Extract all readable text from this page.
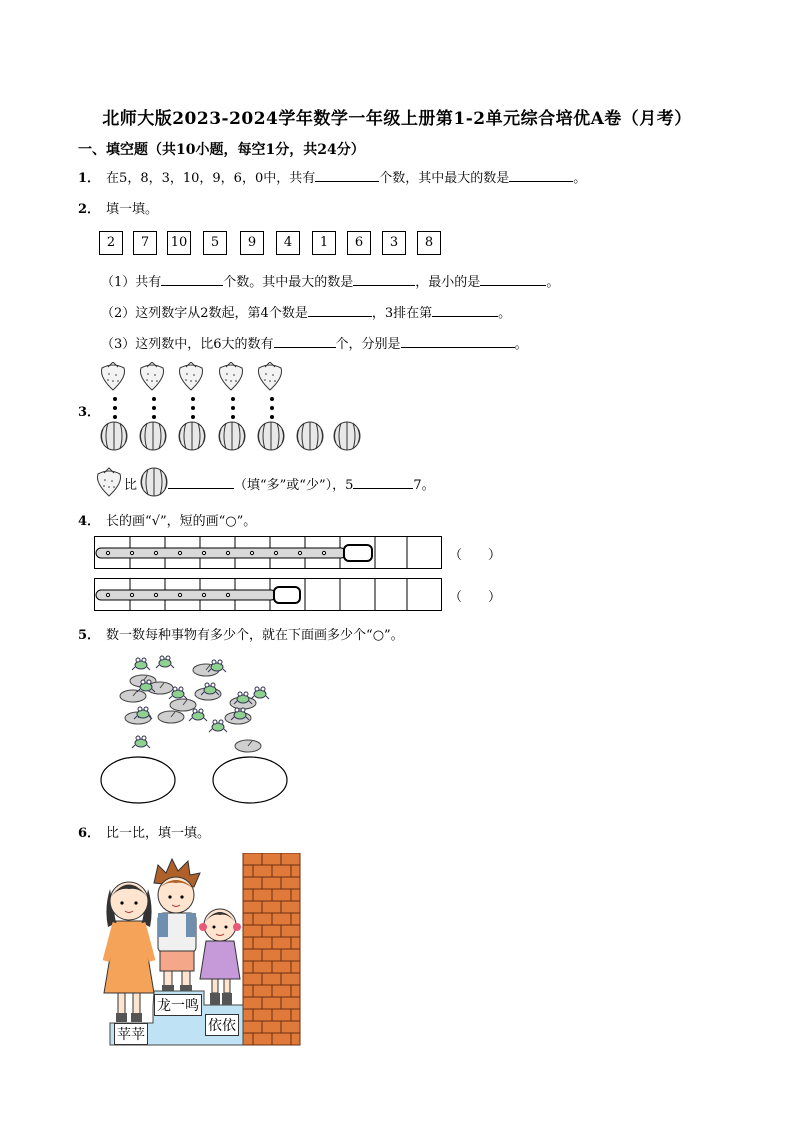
北师大版2023-2024学年数学一年级上册第1-2单元综合培优A卷（月考）
一、填空题（共10小题，每空1分，共24分）
1． 在5，8，3，10，9，6，0中，共有	个数，其中最大的数是	。
2． 填一填。
2	7	10	5	9	4	1	6	3	8
（1）共有	个数。其中最大的数是	，最小的是	。
（2）这列数字从2数起，第4个数是	，3排在第	。
（3）这列数中，比6大的数有	个，分别是	。
3．
比	（填“多”或“少”），5	7。
4． 长的画“√”，短的画“○”。
（　　）
（　　）
5． 数一数每种事物有多少个，就在下面画多少个“○”。
6． 比一比，填一填。
苹苹
龙一鸣
依依
